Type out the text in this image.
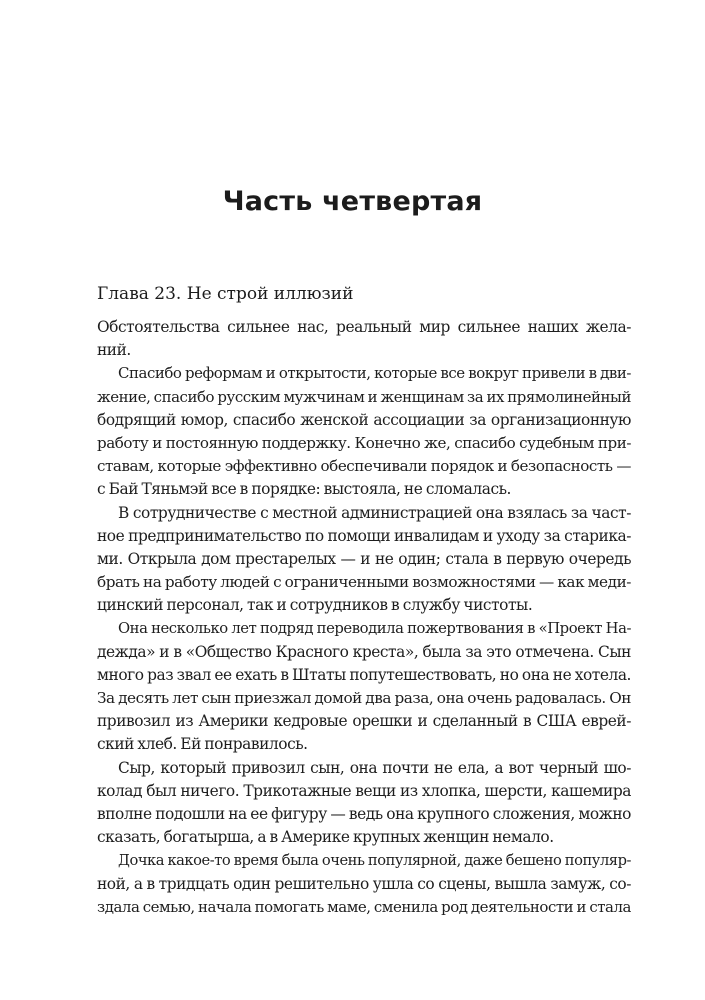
Часть четвертая
Глава 23. Не строй иллюзий
Обстоятельства сильнее нас, реальный мир сильнее наших жела-
ний.
Спасибо реформам и открытости, которые все вокруг привели в дви-
жение, спасибо русским мужчинам и женщинам за их прямолинейный
бодрящий юмор, спасибо женской ассоциации за организационную
работу и постоянную поддержку. Конечно же, спасибо судебным при-
ставам, которые эффективно обеспечивали порядок и безопасность —
с Бай Тяньмэй все в порядке: выстояла, не сломалась.
В сотрудничестве с местной администрацией она взялась за част-
ное предпринимательство по помощи инвалидам и уходу за старика-
ми. Открыла дом престарелых — и не один; стала в первую очередь
брать на работу людей с ограниченными возможностями — как меди-
цинский персонал, так и сотрудников в службу чистоты.
Она несколько лет подряд переводила пожертвования в «Проект На-
дежда» и в «Общество Красного креста», была за это отмечена. Сын
много раз звал ее ехать в Штаты попутешествовать, но она не хотела.
За десять лет сын приезжал домой два раза, она очень радовалась. Он
привозил из Америки кедровые орешки и сделанный в США еврей-
ский хлеб. Ей понравилось.
Сыр, который привозил сын, она почти не ела, а вот черный шо-
колад был ничего. Трикотажные вещи из хлопка, шерсти, кашемира
вполне подошли на ее фигуру — ведь она крупного сложения, можно
сказать, богатырша, а в Америке крупных женщин немало.
Дочка какое-то время была очень популярной, даже бешено популяр-
ной, а в тридцать один решительно ушла со сцены, вышла замуж, со-
здала семью, начала помогать маме, сменила род деятельности и стала
